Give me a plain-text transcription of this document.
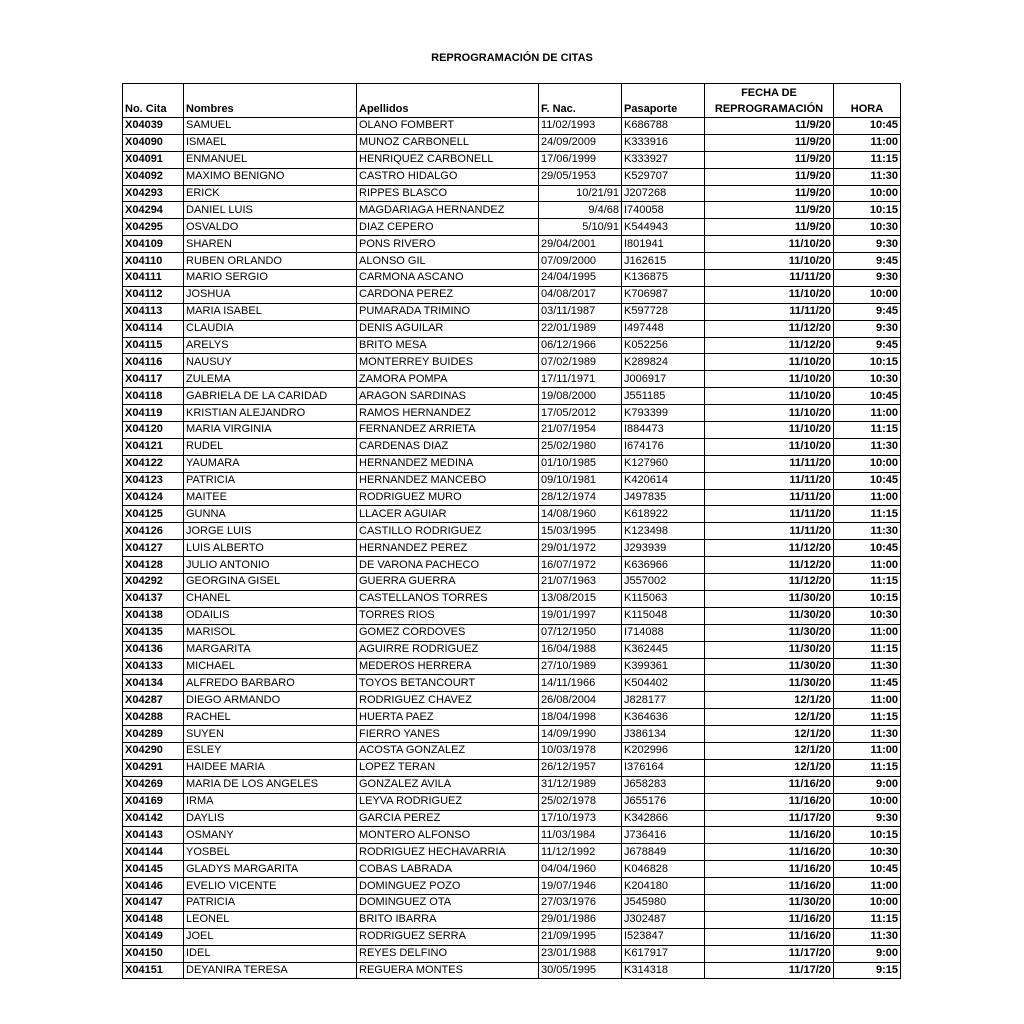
REPROGRAMACIÓN DE CITAS
					FECHA DE	
No. Cita	Nombres	Apellidos	F. Nac.	Pasaporte	REPROGRAMACIÓN	HORA
X04039	SAMUEL	OLANO FOMBERT	11/02/1993	K686788	11/9/20	10:45
X04090	ISMAEL	MUNOZ CARBONELL	24/09/2009	K333916	11/9/20	11:00
X04091	ENMANUEL	HENRIQUEZ CARBONELL	17/06/1999	K333927	11/9/20	11:15
X04092	MAXIMO BENIGNO	CASTRO HIDALGO	29/05/1953	K529707	11/9/20	11:30
X04293	ERICK	RIPPES BLASCO	10/21/91	J207268	11/9/20	10:00
X04294	DANIEL LUIS	MAGDARIAGA HERNANDEZ	9/4/68	I740058	11/9/20	10:15
X04295	OSVALDO	DIAZ CEPERO	5/10/91	K544943	11/9/20	10:30
X04109	SHAREN	PONS RIVERO	29/04/2001	I801941	11/10/20	9:30
X04110	RUBEN ORLANDO	ALONSO GIL	07/09/2000	J162615	11/10/20	9:45
X04111	MARIO SERGIO	CARMONA ASCANO	24/04/1995	K136875	11/11/20	9:30
X04112	JOSHUA	CARDONA PEREZ	04/08/2017	K706987	11/10/20	10:00
X04113	MARIA ISABEL	PUMARADA TRIMINO	03/11/1987	K597728	11/11/20	9:45
X04114	CLAUDIA	DENIS AGUILAR	22/01/1989	I497448	11/12/20	9:30
X04115	ARELYS	BRITO MESA	06/12/1966	K052256	11/12/20	9:45
X04116	NAUSUY	MONTERREY BUIDES	07/02/1989	K289824	11/10/20	10:15
X04117	ZULEMA	ZAMORA POMPA	17/11/1971	J006917	11/10/20	10:30
X04118	GABRIELA DE LA CARIDAD	ARAGON SARDINAS	19/08/2000	J551185	11/10/20	10:45
X04119	KRISTIAN ALEJANDRO	RAMOS HERNANDEZ	17/05/2012	K793399	11/10/20	11:00
X04120	MARIA VIRGINIA	FERNANDEZ ARRIETA	21/07/1954	I884473	11/10/20	11:15
X04121	RUDEL	CARDENAS DIAZ	25/02/1980	I674176	11/10/20	11:30
X04122	YAUMARA	HERNANDEZ MEDINA	01/10/1985	K127960	11/11/20	10:00
X04123	PATRICIA	HERNANDEZ MANCEBO	09/10/1981	K420614	11/11/20	10:45
X04124	MAITEE	RODRIGUEZ MURO	28/12/1974	J497835	11/11/20	11:00
X04125	GUNNA	LLACER AGUIAR	14/08/1960	K618922	11/11/20	11:15
X04126	JORGE LUIS	CASTILLO RODRIGUEZ	15/03/1995	K123498	11/11/20	11:30
X04127	LUIS ALBERTO	HERNANDEZ PEREZ	29/01/1972	J293939	11/12/20	10:45
X04128	JULIO ANTONIO	DE VARONA PACHECO	16/07/1972	K636966	11/12/20	11:00
X04292	GEORGINA GISEL	GUERRA GUERRA	21/07/1963	J557002	11/12/20	11:15
X04137	CHANEL	CASTELLANOS TORRES	13/08/2015	K115063	11/30/20	10:15
X04138	ODAILIS	TORRES RIOS	19/01/1997	K115048	11/30/20	10:30
X04135	MARISOL	GOMEZ CORDOVES	07/12/1950	I714088	11/30/20	11:00
X04136	MARGARITA	AGUIRRE RODRIGUEZ	16/04/1988	K362445	11/30/20	11:15
X04133	MICHAEL	MEDEROS HERRERA	27/10/1989	K399361	11/30/20	11:30
X04134	ALFREDO BARBARO	TOYOS BETANCOURT	14/11/1966	K504402	11/30/20	11:45
X04287	DIEGO ARMANDO	RODRIGUEZ CHAVEZ	26/08/2004	J828177	12/1/20	11:00
X04288	RACHEL	HUERTA PAEZ	18/04/1998	K364636	12/1/20	11:15
X04289	SUYEN	FIERRO YANES	14/09/1990	J386134	12/1/20	11:30
X04290	ESLEY	ACOSTA GONZALEZ	10/03/1978	K202996	12/1/20	11:00
X04291	HAIDEE MARIA	LOPEZ TERAN	26/12/1957	I376164	12/1/20	11:15
X04269	MARIA DE LOS ANGELES	GONZALEZ AVILA	31/12/1989	J658283	11/16/20	9:00
X04169	IRMA	LEYVA RODRIGUEZ	25/02/1978	J655176	11/16/20	10:00
X04142	DAYLIS	GARCIA PEREZ	17/10/1973	K342866	11/17/20	9:30
X04143	OSMANY	MONTERO ALFONSO	11/03/1984	J736416	11/16/20	10:15
X04144	YOSBEL	RODRIGUEZ HECHAVARRIA	11/12/1992	J678849	11/16/20	10:30
X04145	GLADYS MARGARITA	COBAS LABRADA	04/04/1960	K046828	11/16/20	10:45
X04146	EVELIO VICENTE	DOMINGUEZ POZO	19/07/1946	K204180	11/16/20	11:00
X04147	PATRICIA	DOMINGUEZ OTA	27/03/1976	J545980	11/30/20	10:00
X04148	LEONEL	BRITO IBARRA	29/01/1986	J302487	11/16/20	11:15
X04149	JOEL	RODRIGUEZ SERRA	21/09/1995	I523847	11/16/20	11:30
X04150	IDEL	REYES DELFINO	23/01/1988	K617917	11/17/20	9:00
X04151	DEYANIRA TERESA	REGUERA MONTES	30/05/1995	K314318	11/17/20	9:15
